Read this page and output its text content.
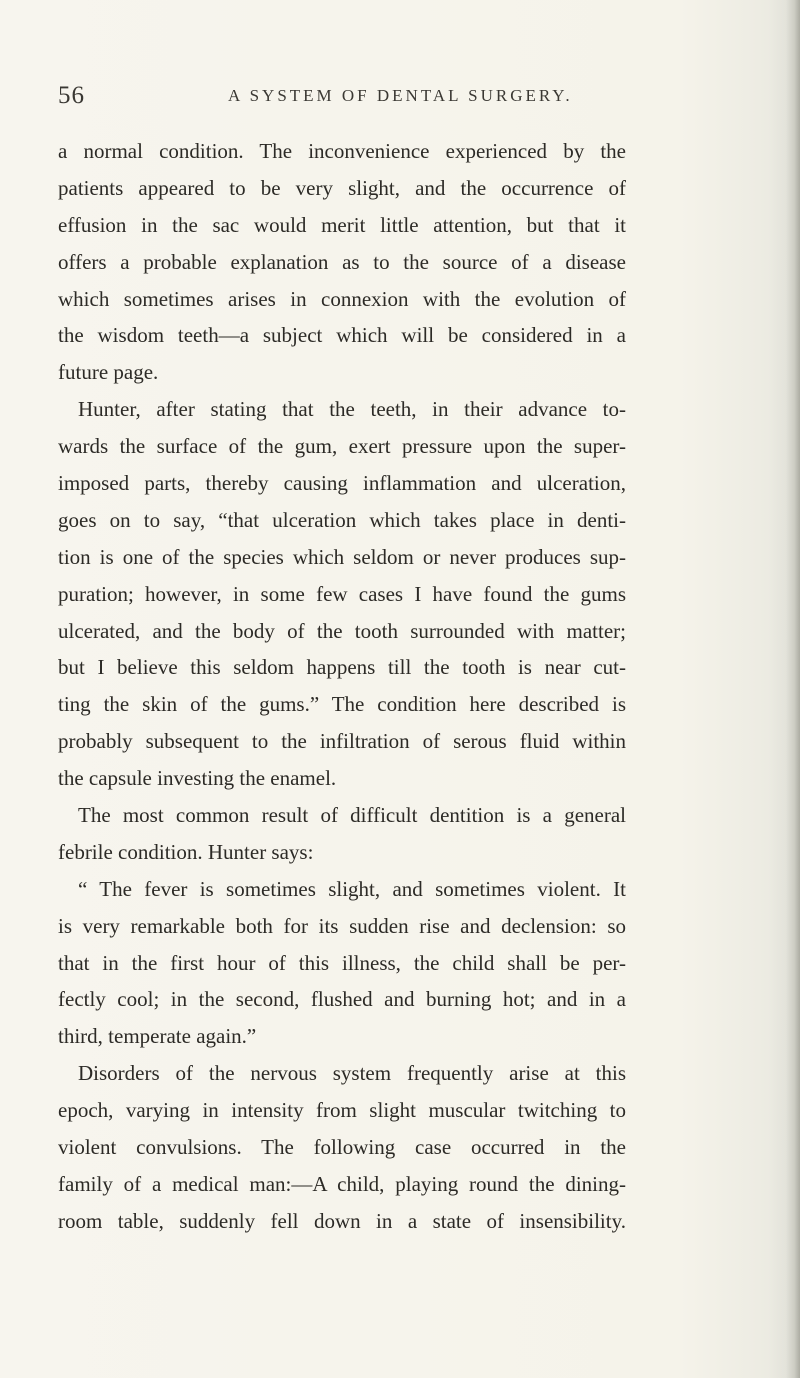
56	A SYSTEM OF DENTAL SURGERY.
a normal condition. The inconvenience experienced by the
patients appeared to be very slight, and the occurrence of
effusion in the sac would merit little attention, but that it
offers a probable explanation as to the source of a disease
which sometimes arises in connexion with the evolution of
the wisdom teeth—a subject which will be considered in a
future page.
Hunter, after stating that the teeth, in their advance to-
wards the surface of the gum, exert pressure upon the super-
imposed parts, thereby causing inflammation and ulceration,
goes on to say, “that ulceration which takes place in denti-
tion is one of the species which seldom or never produces sup-
puration; however, in some few cases I have found the gums
ulcerated, and the body of the tooth surrounded with matter;
but I believe this seldom happens till the tooth is near cut-
ting the skin of the gums.” The condition here described is
probably subsequent to the infiltration of serous fluid within
the capsule investing the enamel.
The most common result of difficult dentition is a general
febrile condition. Hunter says:
“ The fever is sometimes slight, and sometimes violent. It
is very remarkable both for its sudden rise and declension: so
that in the first hour of this illness, the child shall be per-
fectly cool; in the second, flushed and burning hot; and in a
third, temperate again.”
Disorders of the nervous system frequently arise at this
epoch, varying in intensity from slight muscular twitching to
violent convulsions. The following case occurred in the
family of a medical man:—A child, playing round the dining-
room table, suddenly fell down in a state of insensibility.
